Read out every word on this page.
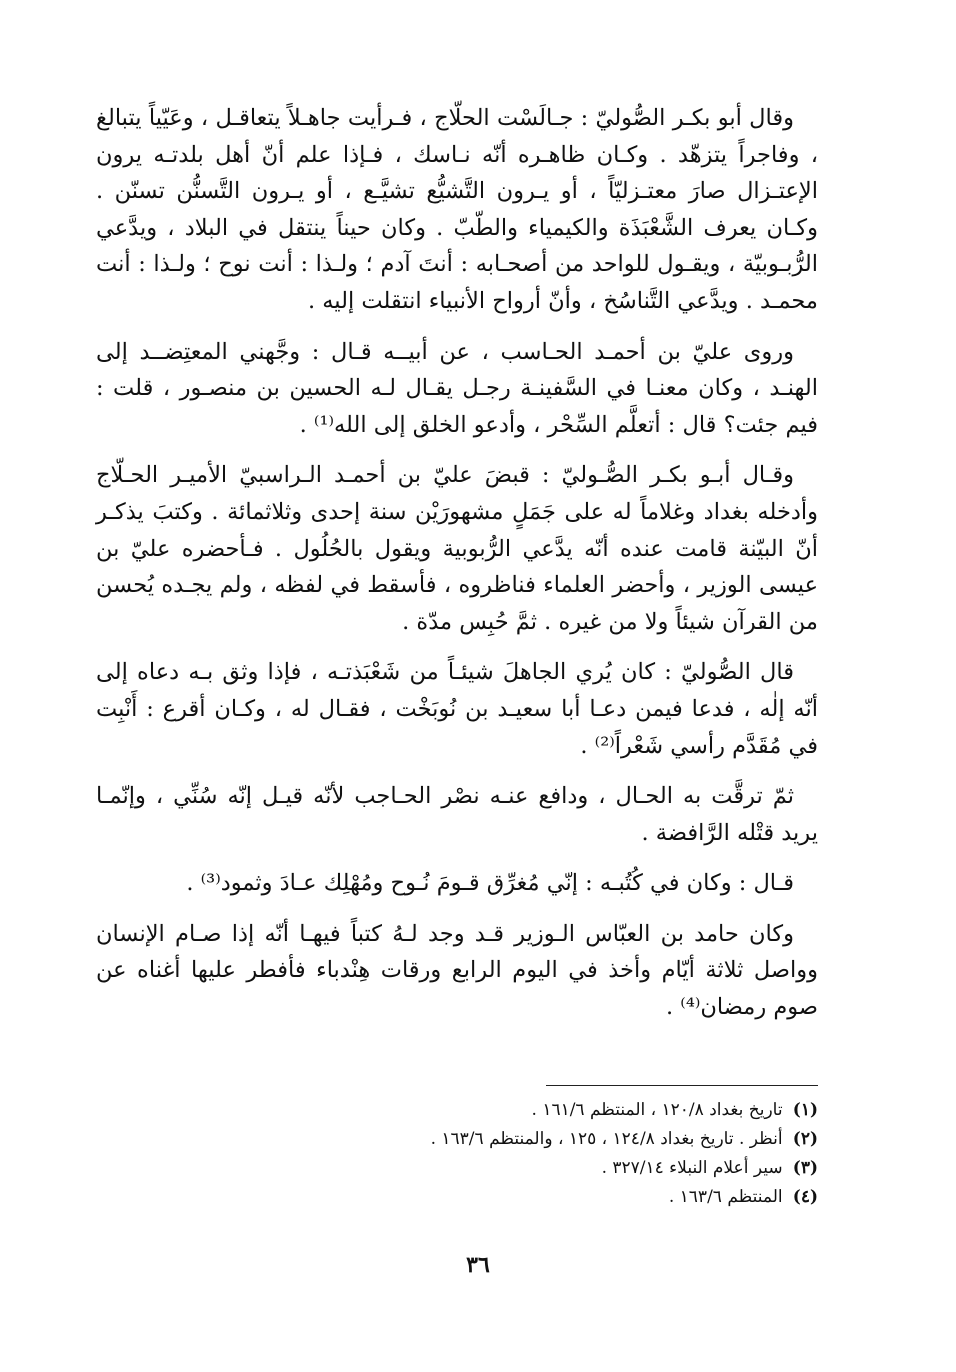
وقال أبو بكـر الصُّوليّ : جـالَسْت الحلّاج ، فـرأيت جاهـلاً يتعاقـل ، وعَيّياً يتبالغ ، وفاجراً يتزهّد . وكـان ظاهـره أنّه نـاسك ، فـإذا علم أنّ أهل بلدتـه يرون الإعتـزال صارَ معتـزليّاً ، أو يـرون التَّشيُّع تشيَّـع ، أو يـرون التَّسنُّن تسنّن . وكـان يعرف الشَّعْبَذَة والكيمياء والطّبّ . وكان حيناً ينتقل في البلاد ، ويدَّعي الرُّبـوبيّة ، ويقـول للواحد من أصحـابه : أنتَ آدم ؛ ولـذا : أنت نوح ؛ ولـذا : أنت محمـد . ويدَّعي التَّناسُخ ، وأنّ أرواح الأنبياء انتقلت إليه .

وروى عليّ بن أحمـد الحـاسب ، عن أبيــه قـال : وجَّهني المعتِضــد إلى الهنـد ، وكان معنـا في السَّفينـة رجـل يقـال لـه الحسين بن منصـور ، قلت : فيم جئت؟ قال : أتعلَّم السِّحْر ، وأدعو الخلق إلى الله⁽¹⁾ .

وقـال أبـو بكـر الصُّـوليّ : قبضَ عليّ بن أحمـد الـراسبيّ الأميـر الحـلّاج وأدخله بغداد وغلاماً له على جَمَلٍ مشهورَيْن سنة إحدى وثلاثمائة . وكتبَ يذكـر أنّ البيّنة قامت عنده أنّه يدَّعي الرُّبوبية ويقول بالحُلُول . فـأحضره عليّ بن عيسى الوزير ، وأحضر العلماء فناظروه ، فأسقط في لفظه ، ولم يجـده يُحسن من القرآن شيئاً ولا من غيره . ثمَّ حُبِس مدّة .

قال الصُّوليّ : كان يُري الجاهلَ شيئـاً من شَعْبَذتـه ، فإذا وثق بـه دعاه إلى أنّه إلٰه ، فدعا فيمن دعـا أبا سعيـد بن نُوبَخْت ، فقـال له ، وكـان أقرع : أَنْبِت في مُقَدَّم رأسي شَعْراً⁽²⁾ .

ثمّ ترقَّت به الحـال ، ودافع عنـه نصْر الحـاجب لأنّه قيـل إنّه سُنِّي ، وإنّمـا يريد قتْله الرَّافضة .

قـال : وكان في كُتُبـه : إنّي مُغرِّق قـومَ نُـوح ومُهْلِك عـادَ وثمود⁽³⁾ .

وكان حامد بن العبّاس الـوزير قـد وجد لـهُ كتباً فيهـا أنّه إذا صـام الإنسان وواصل ثلاثة أيّام وأخذ في اليوم الرابع ورقات هِنْدباء فأفطر عليها أغناه عن صوم رمضان⁽⁴⁾ .

(١) تاريخ بغداد ١٢٠/٨ ، المنتظم ١٦١/٦ .
(٢) أنظر . تاريخ بغداد ١٢٤/٨ ، ١٢٥ ، والمنتظم ١٦٣/٦ .
(٣) سير أعلام النبلاء ٣٢٧/١٤ .
(٤) المنتظم ١٦٣/٦ .
٣٦
